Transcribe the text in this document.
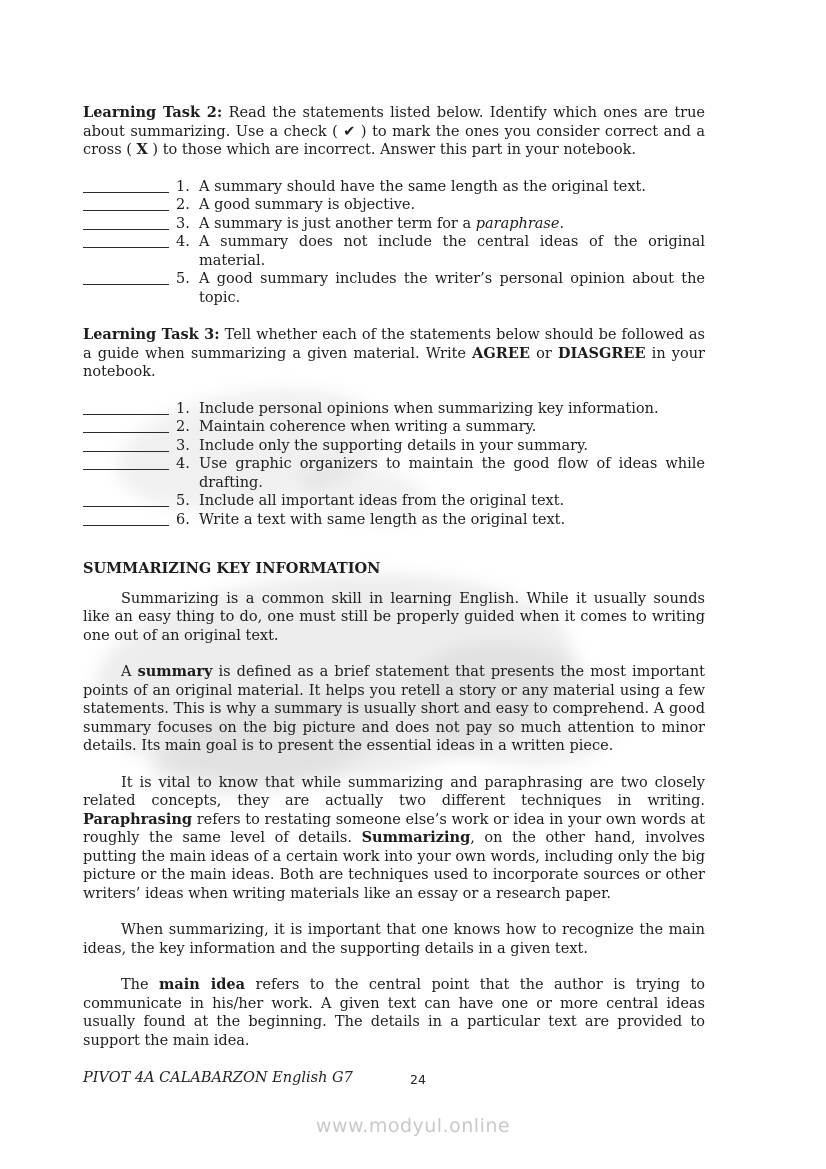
Learning Task 2: Read the statements listed below. Identify which ones are true about summarizing. Use a check ( ✔ ) to mark the ones you consider correct and a cross ( X ) to those which are incorrect. Answer this part in your notebook.

1. A summary should have the same length as the original text.
2. A good summary is objective.
3. A summary is just another term for a paraphrase.
4. A summary does not include the central ideas of the original material.
5. A good summary includes the writer’s personal opinion about the topic.

Learning Task 3: Tell whether each of the statements below should be followed as a guide when summarizing a given material. Write AGREE or DIASGREE in your notebook.

1. Include personal opinions when summarizing key information.
2. Maintain coherence when writing a summary.
3. Include only the supporting details in your summary.
4. Use graphic organizers to maintain the good flow of ideas while drafting.
5. Include all important ideas from the original text.
6. Write a text with same length as the original text.
SUMMARIZING KEY INFORMATION

Summarizing is a common skill in learning English. While it usually sounds like an easy thing to do, one must still be properly guided when it comes to writing one out of an original text.

A summary is defined as a brief statement that presents the most important points of an original material. It helps you retell a story or any material using a few statements. This is why a summary is usually short and easy to comprehend. A good summary focuses on the big picture and does not pay so much attention to minor details. Its main goal is to present the essential ideas in a written piece.

It is vital to know that while summarizing and paraphrasing are two closely related concepts, they are actually two different techniques in writing. Paraphrasing refers to restating someone else’s work or idea in your own words at roughly the same level of details. Summarizing, on the other hand, involves putting the main ideas of a certain work into your own words, including only the big picture or the main ideas. Both are techniques used to incorporate sources or other writers’ ideas when writing materials like an essay or a research paper.

When summarizing, it is important that one knows how to recognize the main ideas, the key information and the supporting details in a given text.

The main idea refers to the central point that the author is trying to communicate in his/her work. A given text can have one or more central ideas usually found at the beginning. The details in a particular text are provided to support the main idea.

PIVOT 4A CALABARZON English G7	24
www.modyul.online
